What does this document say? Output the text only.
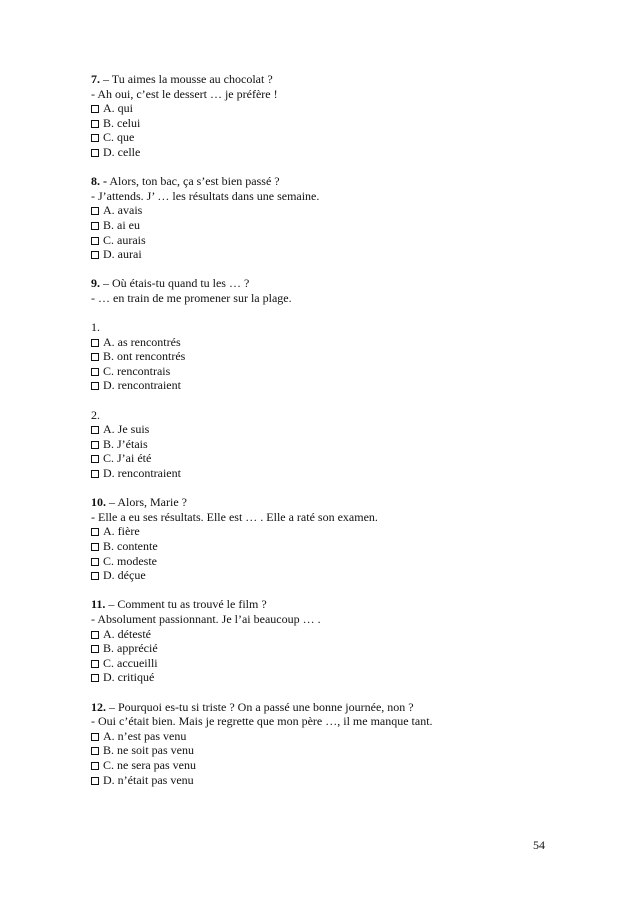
7. – Tu aimes la mousse au chocolat ?
- Ah oui, c’est le dessert … je préfère !
A. qui
B. celui
C. que
D. celle
8. - Alors, ton bac, ça s’est bien passé ?
- J’attends. J’ … les résultats dans une semaine.
A. avais
B. ai eu
C. aurais
D. aurai
9. – Où étais-tu quand tu les … ?
- … en train de me promener sur la plage.
1.
A. as rencontrés
B. ont rencontrés
C. rencontrais
D. rencontraient
2.
A. Je suis
B. J’étais
C. J’ai été
D. rencontraient
10. – Alors, Marie ?
- Elle a eu ses résultats. Elle est … . Elle a raté son examen.
A. fière
B. contente
C. modeste
D. déçue
11. – Comment tu as trouvé le film ?
- Absolument passionnant. Je l’ai beaucoup … .
A. détesté
B. apprécié
C. accueilli
D. critiqué
12. – Pourquoi es-tu si triste ? On a passé une bonne journée, non ?
- Oui c’était bien. Mais je regrette que mon père …, il me manque tant.
A. n’est pas venu
B. ne soit pas venu
C. ne sera pas venu
D. n’était pas venu
54
